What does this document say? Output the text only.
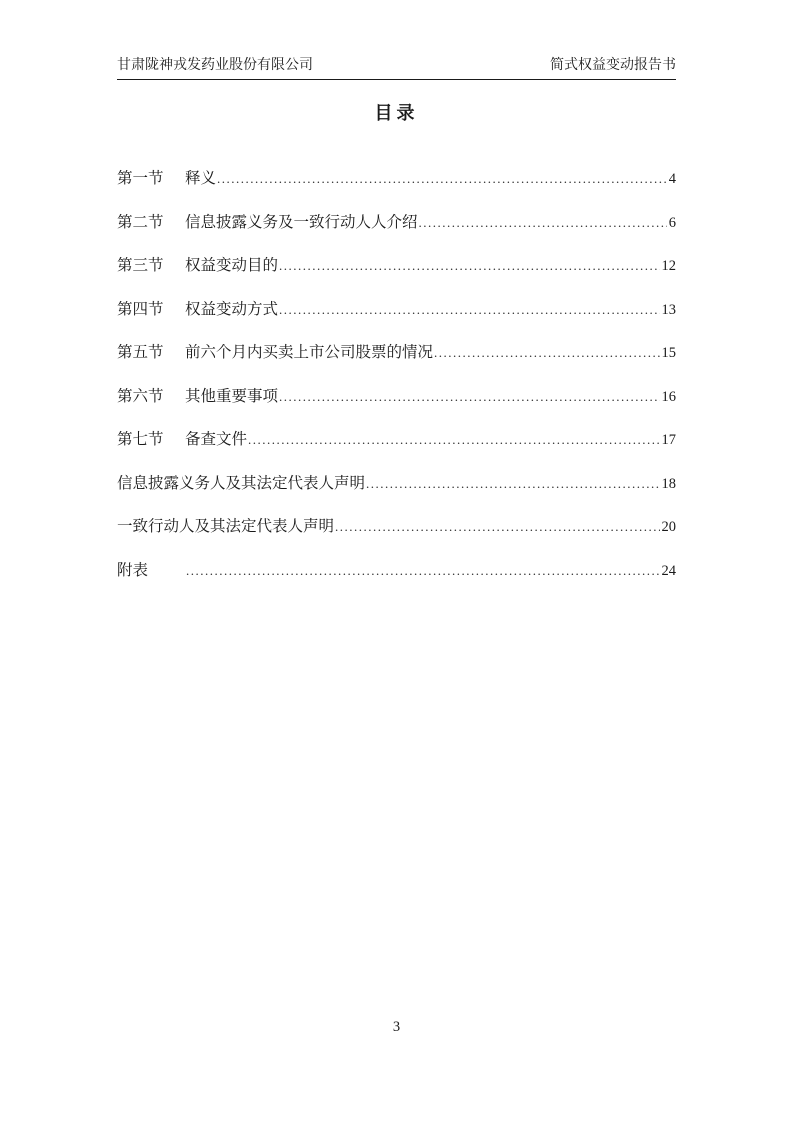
甘肃陇神戎发药业股份有限公司	简式权益变动报告书
目录
第一节	释义 .....	4
第二节	信息披露义务及一致行动人人介绍 .....	6
第三节	权益变动目的 .....	12
第四节	权益变动方式 .....	13
第五节	前六个月内买卖上市公司股票的情况 .....	15
第六节	其他重要事项 .....	16
第七节	备查文件 .....	17
信息披露义务人及其法定代表人声明 .....	18
一致行动人及其法定代表人声明 .....	20
附表 .....	24
3
